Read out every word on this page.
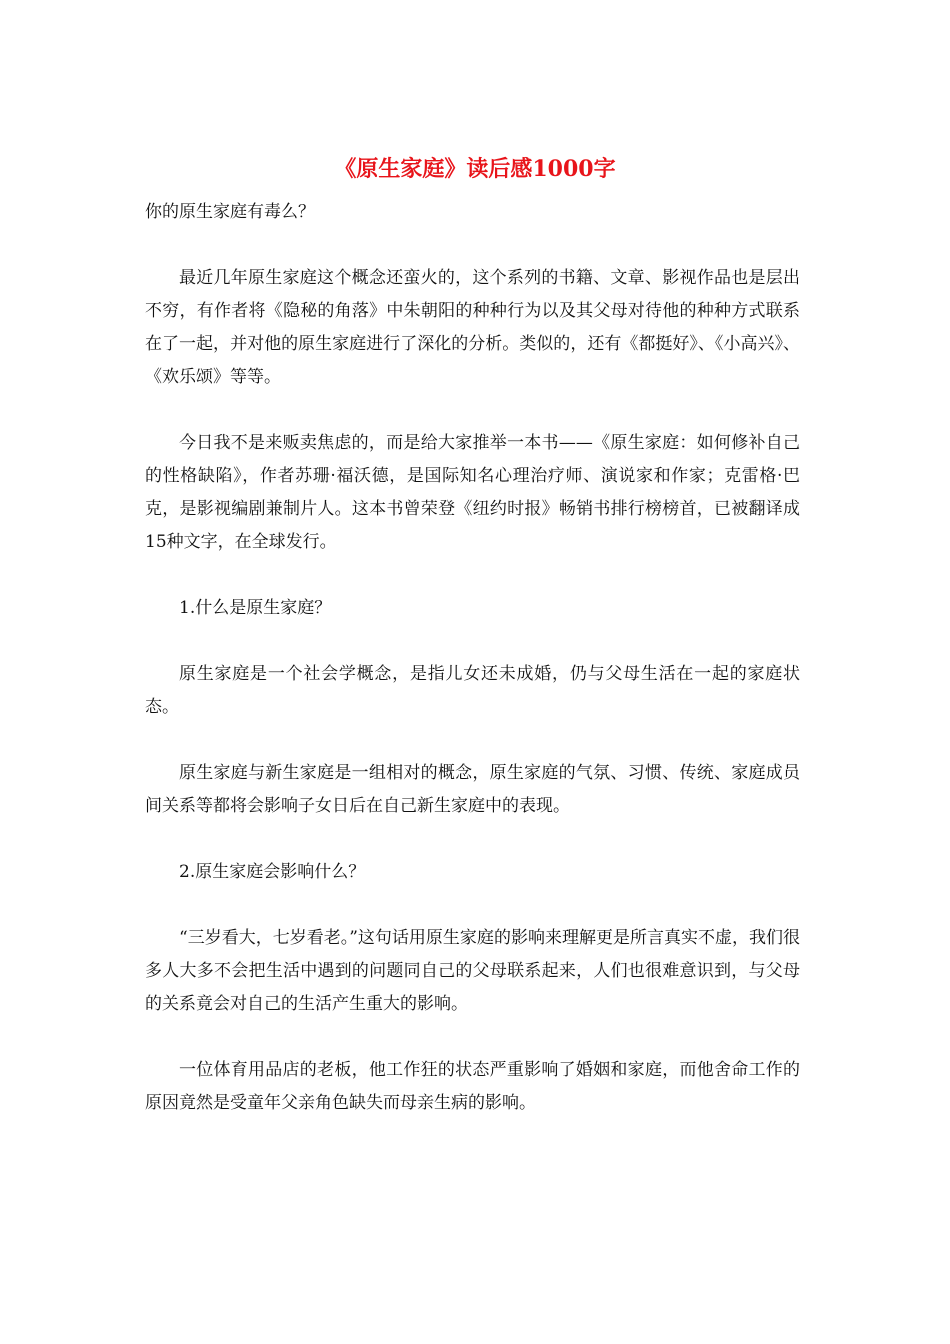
《原生家庭》读后感1000字

你的原生家庭有毒么？

最近几年原生家庭这个概念还蛮火的，这个系列的书籍、文章、影视作品也是层出不穷，有作者将《隐秘的角落》中朱朝阳的种种行为以及其父母对待他的种种方式联系在了一起，并对他的原生家庭进行了深化的分析。类似的，还有《都挺好》、《小高兴》、《欢乐颂》等等。

今日我不是来贩卖焦虑的，而是给大家推举一本书——《原生家庭：如何修补自己的性格缺陷》，作者苏珊·福沃德，是国际知名心理治疗师、演说家和作家；克雷格·巴克，是影视编剧兼制片人。这本书曾荣登《纽约时报》畅销书排行榜榜首，已被翻译成15种文字，在全球发行。

1.什么是原生家庭？

原生家庭是一个社会学概念，是指儿女还未成婚，仍与父母生活在一起的家庭状态。

原生家庭与新生家庭是一组相对的概念，原生家庭的气氛、习惯、传统、家庭成员间关系等都将会影响子女日后在自己新生家庭中的表现。

2.原生家庭会影响什么？

“三岁看大，七岁看老。”这句话用原生家庭的影响来理解更是所言真实不虚，我们很多人大多不会把生活中遇到的问题同自己的父母联系起来，人们也很难意识到，与父母的关系竟会对自己的生活产生重大的影响。

一位体育用品店的老板，他工作狂的状态严重影响了婚姻和家庭，而他舍命工作的原因竟然是受童年父亲角色缺失而母亲生病的影响。
